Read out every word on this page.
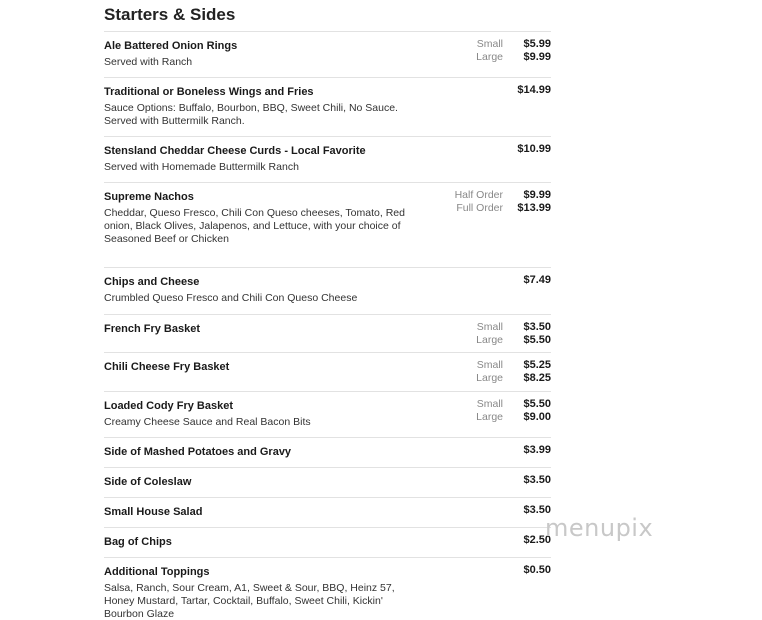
Starters & Sides
Ale Battered Onion Rings
Served with Ranch
Small	$5.99
Large	$9.99
Traditional or Boneless Wings and Fries
Sauce Options: Buffalo, Bourbon, BBQ, Sweet Chili, No Sauce. Served with Buttermilk Ranch.
$14.99
Stensland Cheddar Cheese Curds - Local Favorite
Served with Homemade Buttermilk Ranch
$10.99
Supreme Nachos
Cheddar, Queso Fresco, Chili Con Queso cheeses, Tomato, Red onion, Black Olives, Jalapenos, and Lettuce, with your choice of Seasoned Beef or Chicken
Half Order	$9.99
Full Order $13.99
Chips and Cheese
Crumbled Queso Fresco and Chili Con Queso Cheese
$7.49
French Fry Basket	Small	$3.50
Large	$5.50
Chili Cheese Fry Basket	Small	$5.25
Large	$8.25
Loaded Cody Fry Basket
Creamy Cheese Sauce and Real Bacon Bits
Small	$5.50
Large	$9.00
Side of Mashed Potatoes and Gravy	$3.99
Side of Coleslaw	$3.50
Small House Salad	$3.50
Bag of Chips	$2.50
Additional Toppings
Salsa, Ranch, Sour Cream, A1, Sweet & Sour, BBQ, Heinz 57, Honey Mustard, Tartar, Cocktail, Buffalo, Sweet Chili, Kickin' Bourbon Glaze
$0.50
menupix
